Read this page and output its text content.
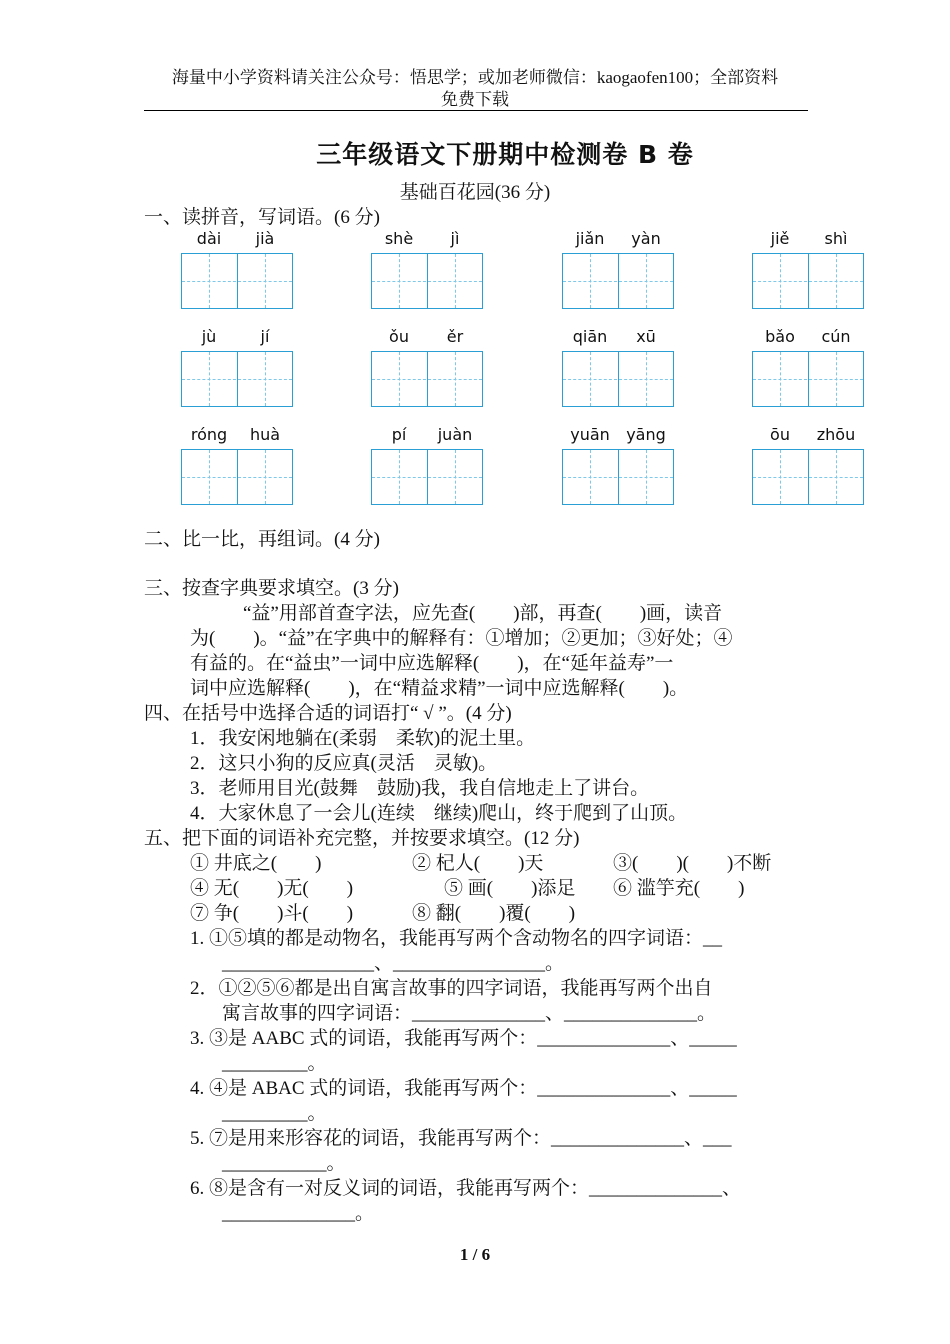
海量中小学资料请关注公众号：悟思学；或加老师微信：kaogaofen100；全部资料
免费下载
三年级语文下册期中检测卷 B 卷
基础百花园(36 分)
一、读拼音，写词语。(6 分)
dài jià	shè jì	jiǎn yàn	jiě shì
jù	jí	ǒu ěr	qiān xū	bǎo cún
róng huà	pí juàn	yuān yāng	ōu zhōu
二、比一比，再组词。(4 分)
三、按查字典要求填空。(3 分)
“益”用部首查字法，应先查(　　)部，再查(　　)画，读音
为(　　)。“益”在字典中的解释有：①增加；②更加；③好处；④
有益的。在“益虫”一词中应选解释(　　)，在“延年益寿”一
词中应选解释(　　)，在“精益求精”一词中应选解释(　　)。
四、在括号中选择合适的词语打“ √ ”。(4 分)
1．我安闲地躺在(柔弱　柔软)的泥土里。
2．这只小狗的反应真(灵活　灵敏)。
3．老师用目光(鼓舞　鼓励)我，我自信地走上了讲台。
4．大家休息了一会儿(连续　继续)爬山，终于爬到了山顶。
五、把下面的词语补充完整，并按要求填空。(12 分)
① 井底之(　　)	② 杞人(　　)天	③(　　)(　　)不断
④ 无(　　)无(　　)	⑤ 画(　　)添足 ⑥ 滥竽充(　　)
⑦ 争(　　)斗(　　)	⑧ 翻(　　)覆(　　)
1. ①⑤填的都是动物名，我能再写两个含动物名的四字词语：__
________________、________________。
2．①②⑤⑥都是出自寓言故事的四字词语，我能再写两个出自
寓言故事的四字词语：______________、______________。
3. ③是 AABC 式的词语，我能再写两个：______________、_____
_________。
4. ④是 ABAC 式的词语，我能再写两个：______________、_____
_________。
5. ⑦是用来形容花的词语，我能再写两个：______________、___
___________。
6. ⑧是含有一对反义词的词语，我能再写两个：______________、
______________。
1 / 6
